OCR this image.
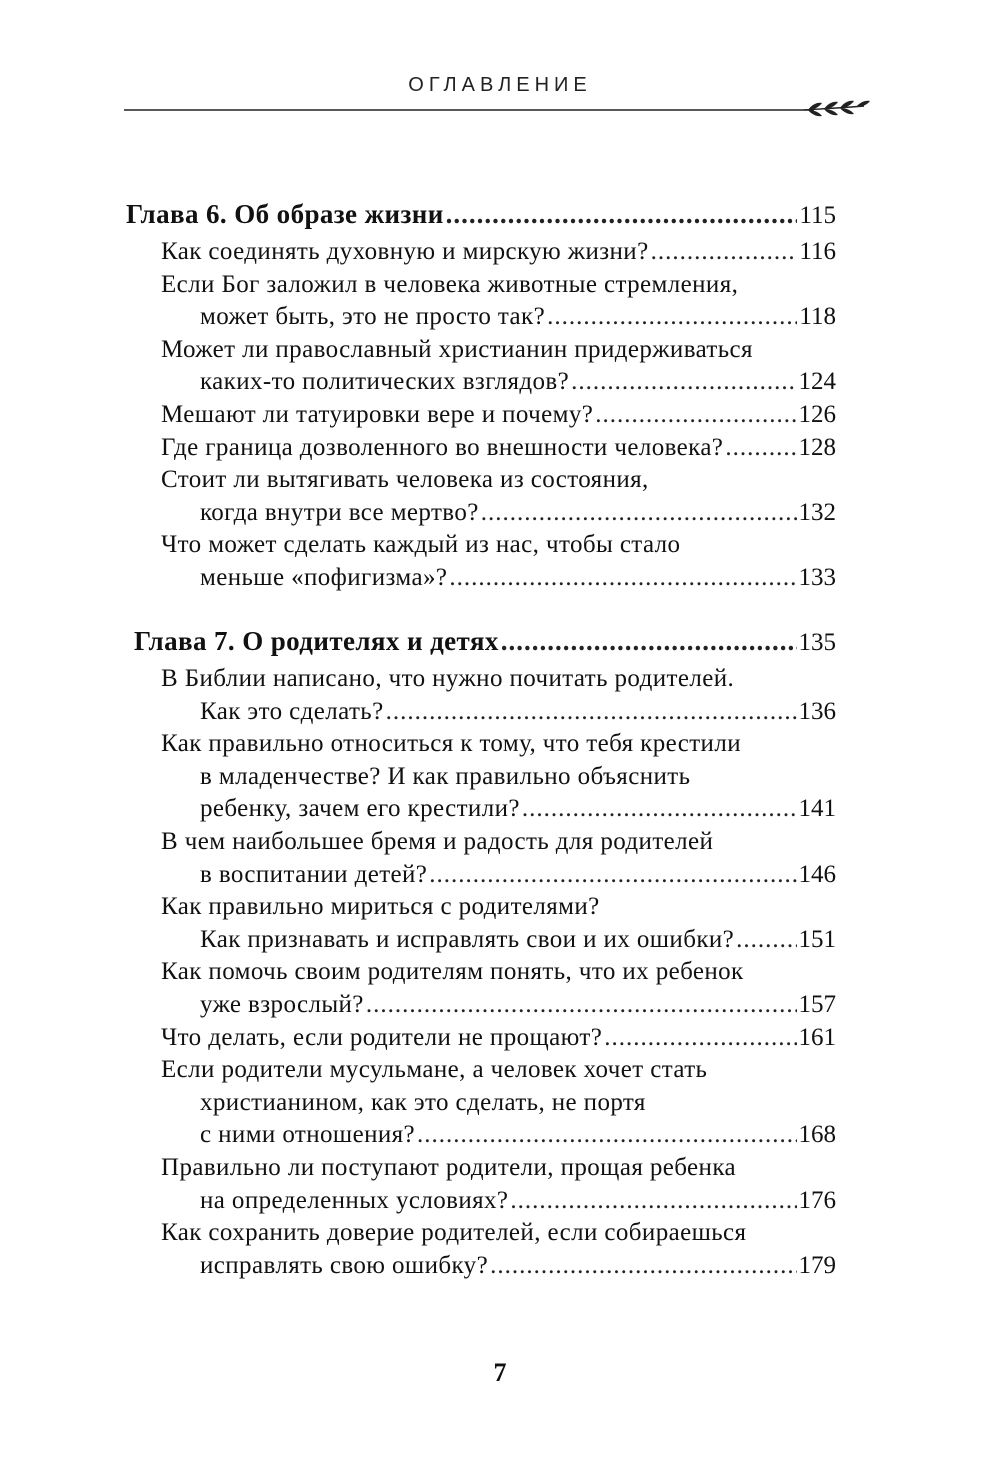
ОГЛАВЛЕНИЕ
Глава 6. Об образе жизни .....	115
Как соединять духовную и мирскую жизни? .....	116
Если Бог заложил в человека животные стремления,
может быть, это не просто так? .....	118
Может ли православный христианин придерживаться
каких-то политических взглядов? .....	124
Мешают ли татуировки вере и почему? .....	126
Где граница дозволенного во внешности человека? .....	128
Стоит ли вытягивать человека из состояния,
когда внутри все мертво? .....	132
Что может сделать каждый из нас, чтобы стало
меньше «пофигизма»? .....	133
Глава 7. О родителях и детях .....	135
В Библии написано, что нужно почитать родителей.
Как это сделать? .....	136
Как правильно относиться к тому, что тебя крестили
в младенчестве? И как правильно объяснить
ребенку, зачем его крестили? .....	141
В чем наибольшее бремя и радость для родителей
в воспитании детей? .....	146
Как правильно мириться с родителями?
Как признавать и исправлять свои и их ошибки? .....	151
Как помочь своим родителям понять, что их ребенок
уже взрослый? .....	157
Что делать, если родители не прощают? .....	161
Если родители мусульмане, а человек хочет стать
христианином, как это сделать, не портя
с ними отношения? .....	168
Правильно ли поступают родители, прощая ребенка
на определенных условиях? .....	176
Как сохранить доверие родителей, если собираешься
исправлять свою ошибку? .....	179
7
